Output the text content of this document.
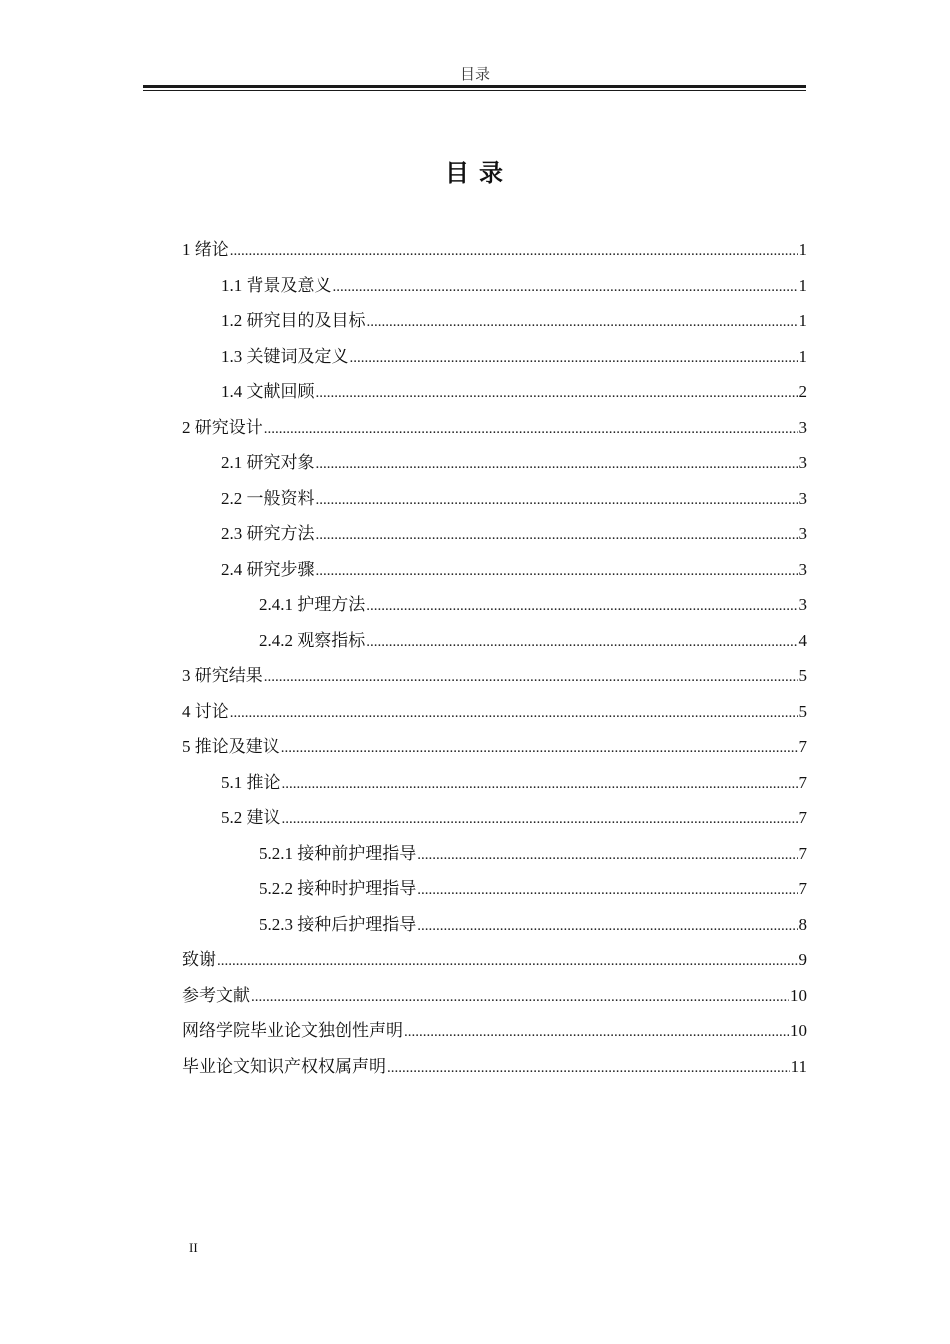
目录
目 录
1 绪论 .....	1
1.1 背景及意义 .....	1
1.2 研究目的及目标 .....	1
1.3 关键词及定义 .....	1
1.4 文献回顾 .....	2
2 研究设计 .....	3
2.1 研究对象 .....	3
2.2 一般资料 .....	3
2.3 研究方法 .....	3
2.4 研究步骤 .....	3
2.4.1 护理方法 .....	3
2.4.2 观察指标 .....	4
3 研究结果 .....	5
4 讨论 .....	5
5 推论及建议 .....	7
5.1 推论 .....	7
5.2 建议 .....	7
5.2.1 接种前护理指导 .....	7
5.2.2 接种时护理指导 .....	7
5.2.3 接种后护理指导 .....	8
致谢 .....	9
参考文献 .....	10
网络学院毕业论文独创性声明 .....	10
毕业论文知识产权权属声明 .....	11
II
